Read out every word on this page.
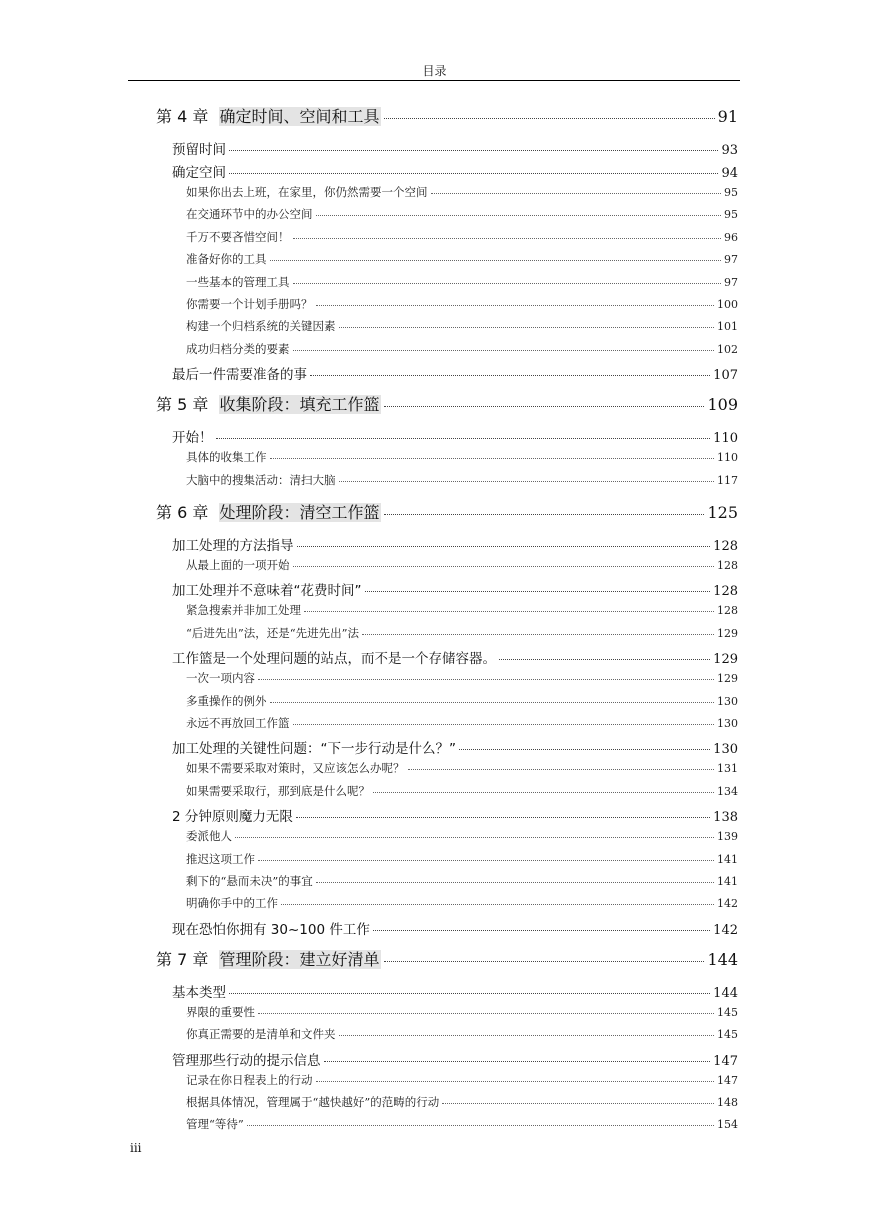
目录
第 4 章 确定时间、空间和工具	91
预留时间	93
确定空间	94
如果你出去上班，在家里，你仍然需要一个空间	95
在交通环节中的办公空间	95
千万不要吝惜空间！	96
准备好你的工具	97
一些基本的管理工具	97
你需要一个计划手册吗？	100
构建一个归档系统的关键因素	101
成功归档分类的要素	102
最后一件需要准备的事	107
第 5 章 收集阶段：填充工作篮	109
开始！	110
具体的收集工作	110
大脑中的搜集活动：清扫大脑	117
第 6 章 处理阶段：清空工作篮	125
加工处理的方法指导	128
从最上面的一项开始	128
加工处理并不意味着“花费时间”	128
紧急搜索并非加工处理	128
“后进先出”法，还是“先进先出”法	129
工作篮是一个处理问题的站点，而不是一个存储容器。	129
一次一项内容	129
多重操作的例外	130
永远不再放回工作篮	130
加工处理的关键性问题：“下一步行动是什么？”	130
如果不需要采取对策时，又应该怎么办呢？	131
如果需要采取行，那到底是什么呢？	134
2 分钟原则魔力无限	138
委派他人	139
推迟这项工作	141
剩下的“悬而未决”的事宜	141
明确你手中的工作	142
现在恐怕你拥有 30~100 件工作	142
第 7 章 管理阶段：建立好清单	144
基本类型	144
界限的重要性	145
你真正需要的是清单和文件夹	145
管理那些行动的提示信息	147
记录在你日程表上的行动	147
根据具体情况，管理属于“越快越好”的范畴的行动	148
管理“等待”	154
iii
